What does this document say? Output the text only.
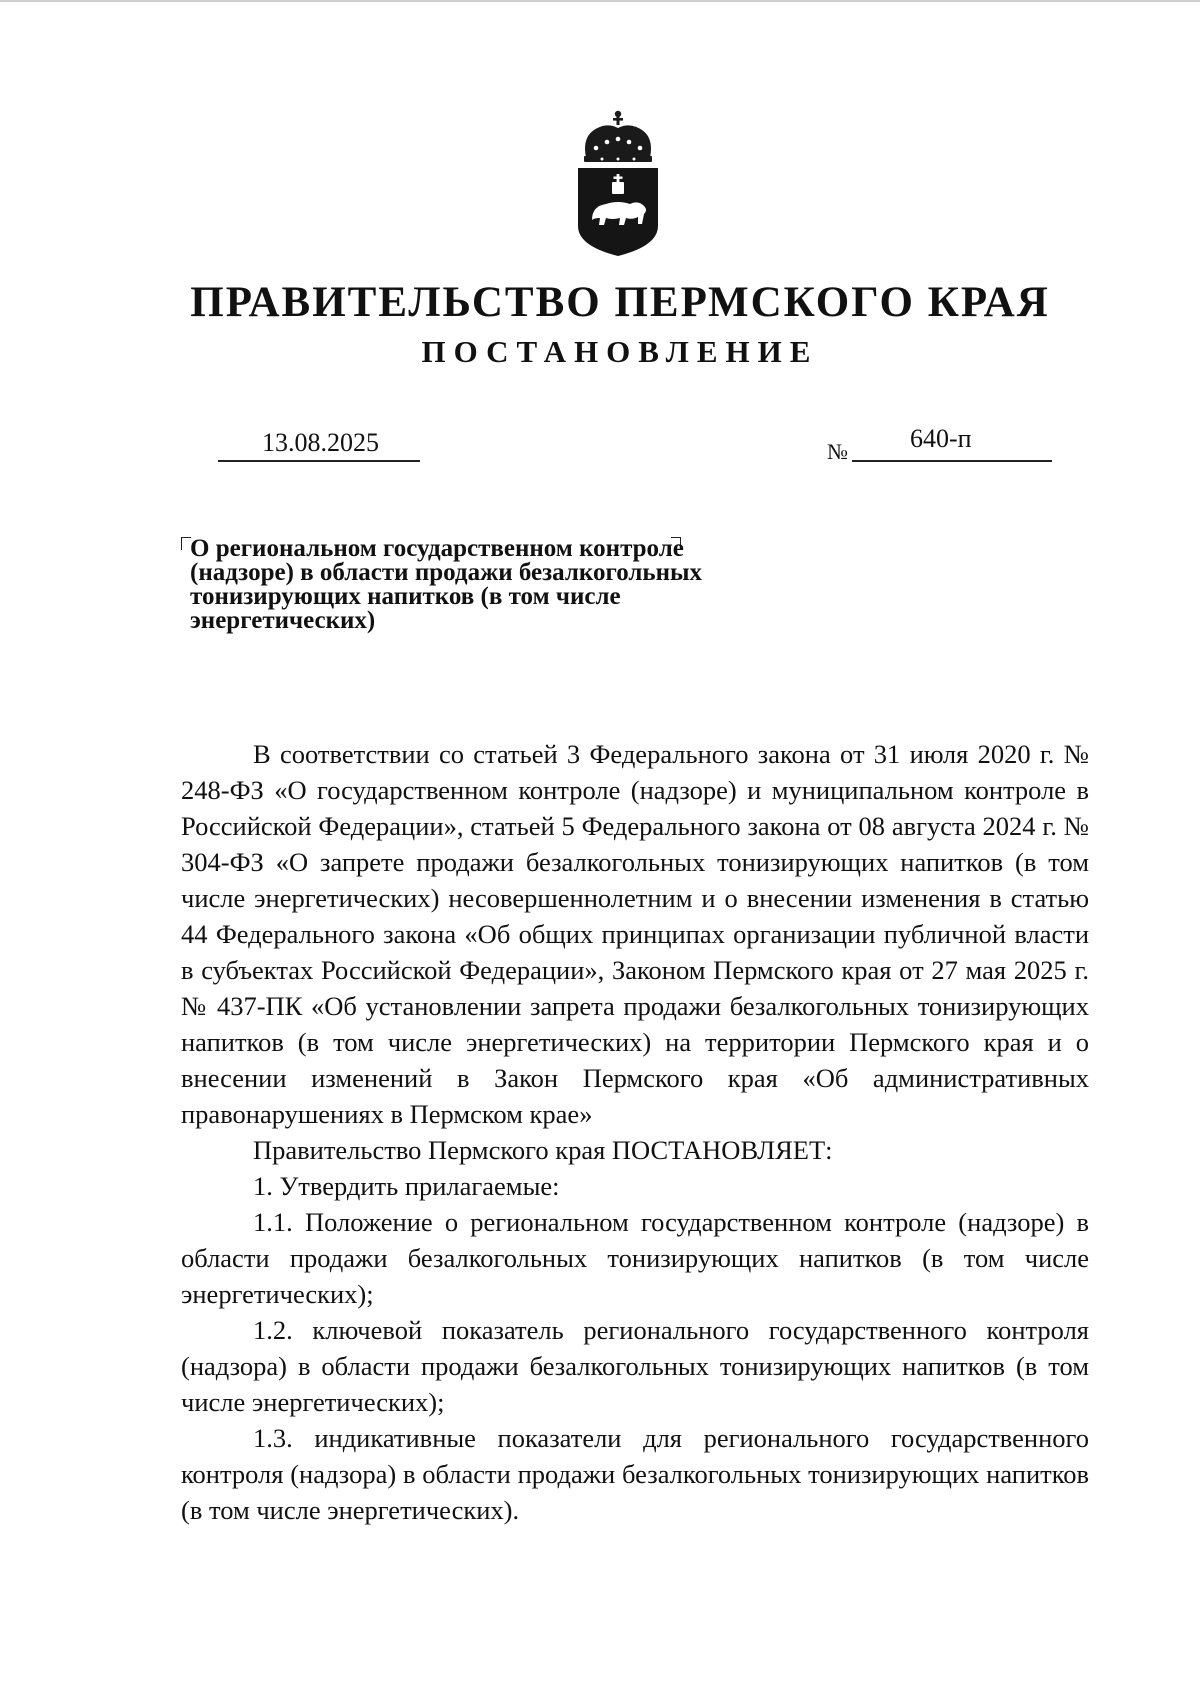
ПРАВИТЕЛЬСТВО ПЕРМСКОГО КРАЯ
ПОСТАНОВЛЕНИЕ
13.08.2025	№ 640-п
О региональном государственном контроле
(надзоре) в области продажи безалкогольных
тонизирующих напитков (в том числе
энергетических)

В соответствии со статьей 3 Федерального закона от 31 июля 2020 г. № 248-ФЗ «О государственном контроле (надзоре) и муниципальном контроле в Российской Федерации», статьей 5 Федерального закона от 08 августа 2024 г. № 304-ФЗ «О запрете продажи безалкогольных тонизирующих напитков (в том числе энергетических) несовершеннолетним и о внесении изменения в статью 44 Федерального закона «Об общих принципах организации публичной власти в субъектах Российской Федерации», Законом Пермского края от 27 мая 2025 г. № 437-ПК «Об установлении запрета продажи безалкогольных тонизирующих напитков (в том числе энергетических) на территории Пермского края и о внесении изменений в Закон Пермского края «Об административных правонарушениях в Пермском крае»

Правительство Пермского края ПОСТАНОВЛЯЕТ:

1. Утвердить прилагаемые:

1.1. Положение о региональном государственном контроле (надзоре) в области продажи безалкогольных тонизирующих напитков (в том числе энергетических);

1.2. ключевой показатель регионального государственного контроля (надзора) в области продажи безалкогольных тонизирующих напитков (в том числе энергетических);

1.3. индикативные показатели для регионального государственного контроля (надзора) в области продажи безалкогольных тонизирующих напитков (в том числе энергетических).
